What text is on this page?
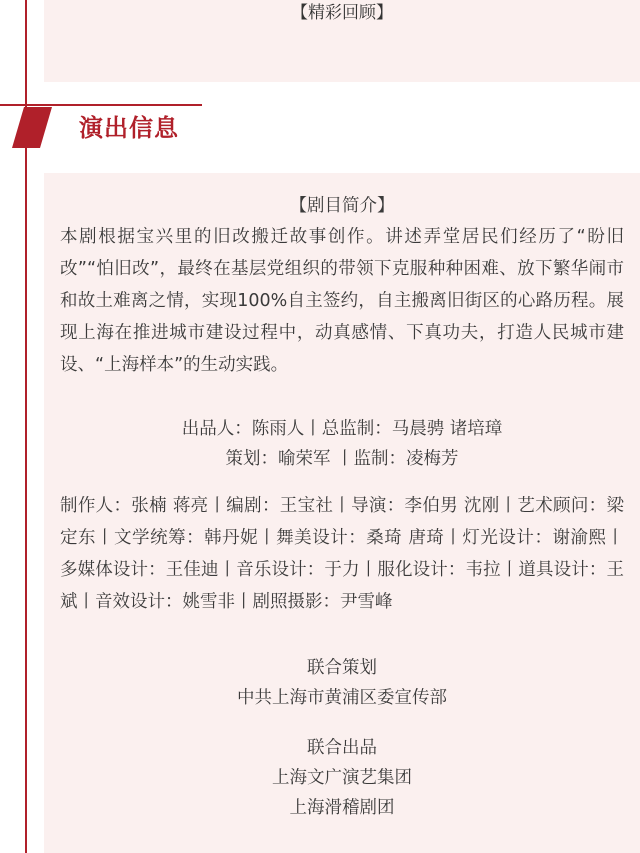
【精彩回顾】
演出信息
【剧目简介】

本剧根据宝兴里的旧改搬迁故事创作。讲述弄堂居民们经历了“盼旧改”“怕旧改”，最终在基层党组织的带领下克服种种困难、放下繁华闹市和故土难离之情，实现100%自主签约，自主搬离旧街区的心路历程。展现上海在推进城市建设过程中，动真感情、下真功夫，打造人民城市建设、“上海样本”的生动实践。

出品人：陈雨人丨总监制：马晨骋 诸培璋
策划：喻荣军 丨监制：凌梅芳

制作人：张楠 蒋亮丨编剧：王宝社丨导演：李伯男 沈刚丨艺术顾问：梁定东丨文学统筹：韩丹妮丨舞美设计：桑琦 唐琦丨灯光设计：谢渝熙丨多媒体设计：王佳迪丨音乐设计：于力丨服化设计：韦拉丨道具设计：王斌丨音效设计：姚雪非丨剧照摄影：尹雪峰

联合策划
中共上海市黄浦区委宣传部
联合出品
上海文广演艺集团
上海滑稽剧团
